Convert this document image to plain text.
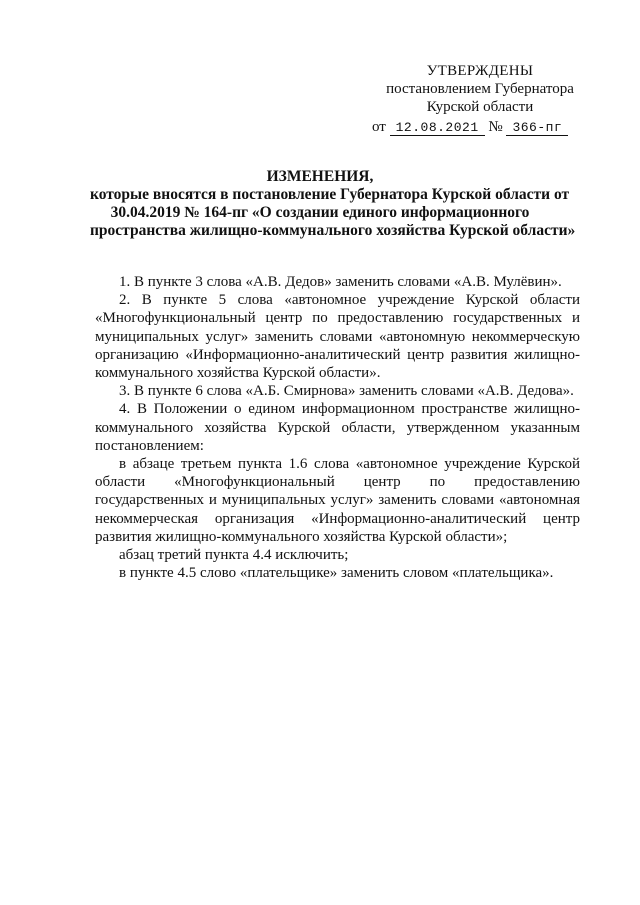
УТВЕРЖДЕНЫ
постановлением Губернатора
Курской области
от 12.08.2021 № 366-пг
ИЗМЕНЕНИЯ,
которые вносятся в постановление Губернатора Курской области от
30.04.2019 № 164-пг «О создании единого информационного
пространства жилищно-коммунального хозяйства Курской области»

1. В пункте 3 слова «А.В. Дедов» заменить словами «А.В. Мулёвин».

2. В пункте 5 слова «автономное учреждение Курской области «Многофункциональный центр по предоставлению государственных и муниципальных услуг» заменить словами «автономную некоммерческую организацию «Информационно-аналитический центр развития жилищно-коммунального хозяйства Курской области».

3. В пункте 6 слова «А.Б. Смирнова» заменить словами «А.В. Дедова».

4. В Положении о едином информационном пространстве жилищно-коммунального хозяйства Курской области, утвержденном указанным постановлением:

в абзаце третьем пункта 1.6 слова «автономное учреждение Курской области «Многофункциональный центр по предоставлению государственных и муниципальных услуг» заменить словами «автономная некоммерческая организация «Информационно-аналитический центр развития жилищно-коммунального хозяйства Курской области»;

абзац третий пункта 4.4 исключить;

в пункте 4.5 слово «плательщике» заменить словом «плательщика».
